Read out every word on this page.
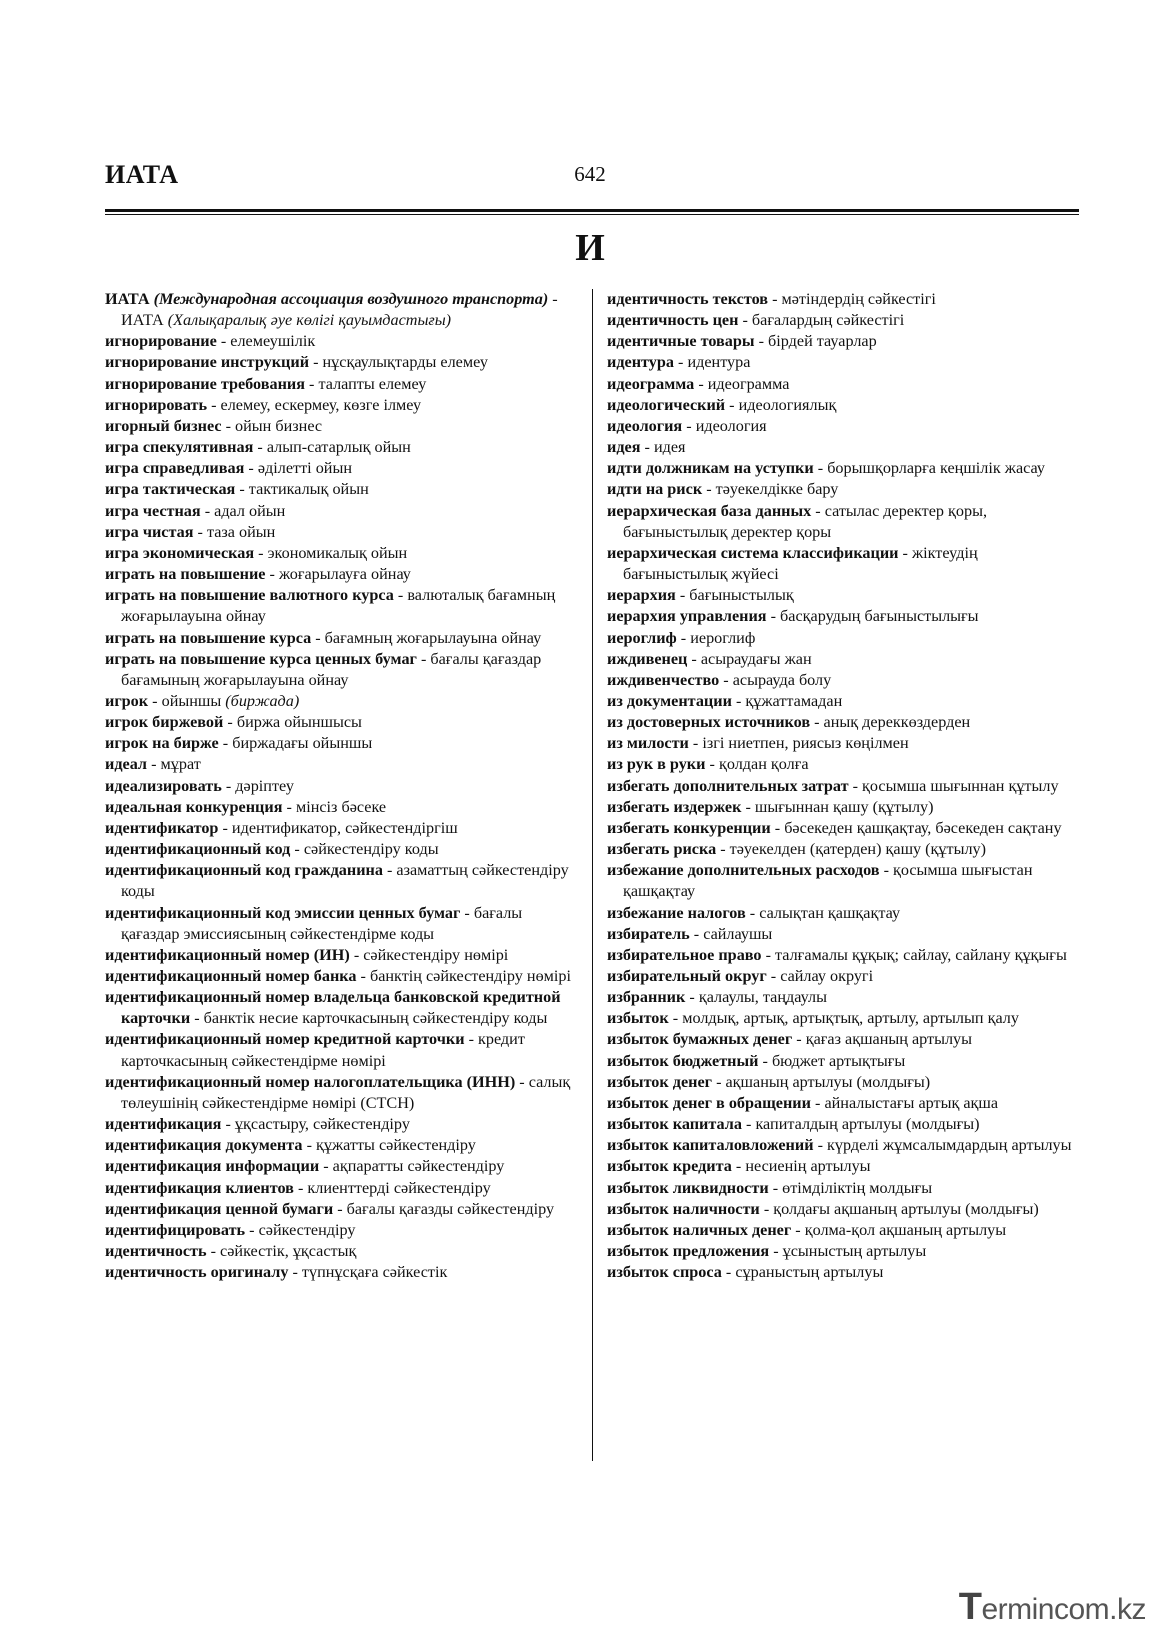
ИАТА	642
И

ИАТА (Международная ассоциация воздушного транспорта) - ИАТА (Халықаралық әуе көлігі қауымдастығы)

игнорирование - елемеушілік

игнорирование инструкций - нұсқаулықтарды елемеу

игнорирование требования - талапты елемеу

игнорировать - елемеу, ескермеу, көзге ілмеу

игорный бизнес - ойын бизнес

игра спекулятивная - алып-сатарлық ойын

игра справедливая - әділетті ойын

игра тактическая - тактикалық ойын

игра честная - адал ойын

игра чистая - таза ойын

игра экономическая - экономикалық ойын

играть на повышение - жоғарылауға ойнау

играть на повышение валютного курса - валюталық бағамның жоғарылауына ойнау

играть на повышение курса - бағамның жоғарылауына ойнау

играть на повышение курса ценных бумаг - бағалы қағаздар бағамының жоғарылауына ойнау

игрок - ойыншы (биржада)

игрок биржевой - биржа ойыншысы

игрок на бирже - биржадағы ойыншы

идеал - мұрат

идеализировать - дәріптеу

идеальная конкуренция - мінсіз бәсеке

идентификатор - идентификатор, сәйкестендіргіш

идентификационный код - сәйкестендіру коды

идентификационный код гражданина - азаматтың сәйкестендіру коды

идентификационный код эмиссии ценных бумаг - бағалы қағаздар эмиссиясының сәйкестендірме коды

идентификационный номер (ИН) - сәйкестендіру нөмірі

идентификационный номер банка - банктің сәйкестендіру нөмірі

идентификационный номер владельца банковской кредитной карточки - банктік несие карточкасының сәйкестендіру коды

идентификационный номер кредитной карточки - кредит карточкасының сәйкестендірме нөмірі

идентификационный номер налогоплательщика (ИНН) - салық төлеушінің сәйкестендірме нөмірі (СТСН)

идентификация - ұқсастыру, сәйкестендіру

идентификация документа - құжатты сәйкестендіру

идентификация информации - ақпаратты сәйкестендіру

идентификация клиентов - клиенттерді сәйкестендіру

идентификация ценной бумаги - бағалы қағазды сәйкестендіру

идентифицировать - сәйкестендіру

идентичность - сәйкестік, ұқсастық

идентичность оригиналу - түпнұсқаға сәйкестік

идентичность текстов - мәтіндердің сәйкестігі

идентичность цен - бағалардың сәйкестігі

идентичные товары - бірдей тауарлар

идентура - идентура

идеограмма - идеограмма

идеологический - идеологиялық

идеология - идеология

идея - идея

идти должникам на уступки - борышқорларға кеңшілік жасау

идти на риск - тәуекелдікке бару

иерархическая база данных - сатылас деректер қоры, бағыныстылық деректер қоры

иерархическая система классификации - жіктеудің бағыныстылық жүйесі

иерархия - бағыныстылық

иерархия управления - басқарудың бағыныстылығы

иероглиф - иероглиф

иждивенец - асыраудағы жан

иждивенчество - асырауда болу

из документации - құжаттамадан

из достоверных источников - анық дереккөздерден

из милости - ізгі ниетпен, риясыз көңілмен

из рук в руки - қолдан қолға

избегать дополнительных затрат - қосымша шығыннан құтылу

избегать издержек - шығыннан қашу (құтылу)

избегать конкуренции - бәсекеден қашқақтау, бәсекеден сақтану

избегать риска - тәуекелден (қатерден) қашу (құтылу)

избежание дополнительных расходов - қосымша шығыстан қашқақтау

избежание налогов - салықтан қашқақтау

избиратель - сайлаушы

избирательное право - талғамалы құқық; сайлау, сайлану құқығы

избирательный округ - сайлау округі

избранник - қалаулы, таңдаулы

избыток - молдық, артық, артықтық, артылу, артылып қалу

избыток бумажных денег - қағаз ақшаның артылуы

избыток бюджетный - бюджет артықтығы

избыток денег - ақшаның артылуы (молдығы)

избыток денег в обращении - айналыстағы артық ақша

избыток капитала - капиталдың артылуы (молдығы)

избыток капиталовложений - күрделі жұмсалымдардың артылуы

избыток кредита - несиенің артылуы

избыток ликвидности - өтімділіктің молдығы

избыток наличности - қолдағы ақшаның артылуы (молдығы)

избыток наличных денег - қолма-қол ақшаның артылуы

избыток предложения - ұсыныстың артылуы

избыток спроса - сұраныстың артылуы

Termincom.kz
